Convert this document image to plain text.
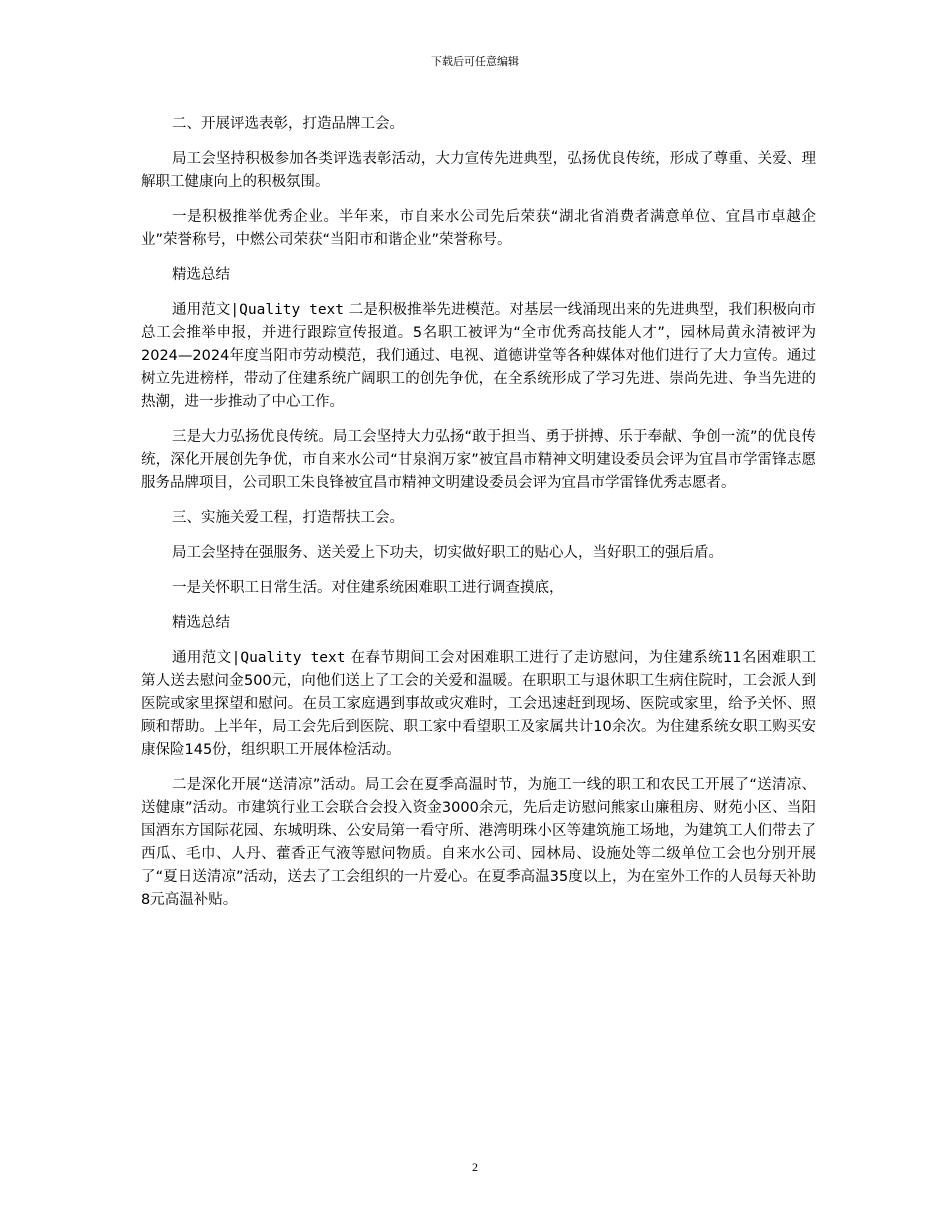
下载后可任意编辑

二、开展评选表彰，打造品牌工会。

局工会坚持积极参加各类评选表彰活动，大力宣传先进典型，弘扬优良传统，形成了尊重、关爱、理解职工健康向上的积极氛围。

一是积极推举优秀企业。半年来，市自来水公司先后荣获“湖北省消费者满意单位、宜昌市卓越企业”荣誉称号，中燃公司荣获“当阳市和谐企业”荣誉称号。

精选总结

通用范文|Quality text 二是积极推举先进模范。对基层一线涌现出来的先进典型，我们积极向市总工会推举申报，并进行跟踪宣传报道。5名职工被评为“全市优秀高技能人才”，园林局黄永清被评为2024—2024年度当阳市劳动模范，我们通过、电视、道德讲堂等各种媒体对他们进行了大力宣传。通过树立先进榜样，带动了住建系统广阔职工的创先争优，在全系统形成了学习先进、崇尚先进、争当先进的热潮，进一步推动了中心工作。

三是大力弘扬优良传统。局工会坚持大力弘扬“敢于担当、勇于拼搏、乐于奉献、争创一流”的优良传统，深化开展创先争优，市自来水公司“甘泉润万家”被宜昌市精神文明建设委员会评为宜昌市学雷锋志愿服务品牌项目，公司职工朱良锋被宜昌市精神文明建设委员会评为宜昌市学雷锋优秀志愿者。

三、实施关爱工程，打造帮扶工会。

局工会坚持在强服务、送关爱上下功夫，切实做好职工的贴心人，当好职工的强后盾。

一是关怀职工日常生活。对住建系统困难职工进行调查摸底，

精选总结

通用范文|Quality text 在春节期间工会对困难职工进行了走访慰问，为住建系统11名困难职工第人送去慰问金500元，向他们送上了工会的关爱和温暖。在职职工与退休职工生病住院时，工会派人到医院或家里探望和慰问。在员工家庭遇到事故或灾难时，工会迅速赶到现场、医院或家里，给予关怀、照顾和帮助。上半年，局工会先后到医院、职工家中看望职工及家属共计10余次。为住建系统女职工购买安康保险145份，组织职工开展体检活动。

二是深化开展“送清凉”活动。局工会在夏季高温时节，为施工一线的职工和农民工开展了“送清凉、送健康”活动。市建筑行业工会联合会投入资金3000余元，先后走访慰问熊家山廉租房、财苑小区、当阳国酒东方国际花园、东城明珠、公安局第一看守所、港湾明珠小区等建筑施工场地，为建筑工人们带去了西瓜、毛巾、人丹、藿香正气液等慰问物质。自来水公司、园林局、设施处等二级单位工会也分别开展了“夏日送清凉”活动，送去了工会组织的一片爱心。在夏季高温35度以上，为在室外工作的人员每天补助8元高温补贴。

2
